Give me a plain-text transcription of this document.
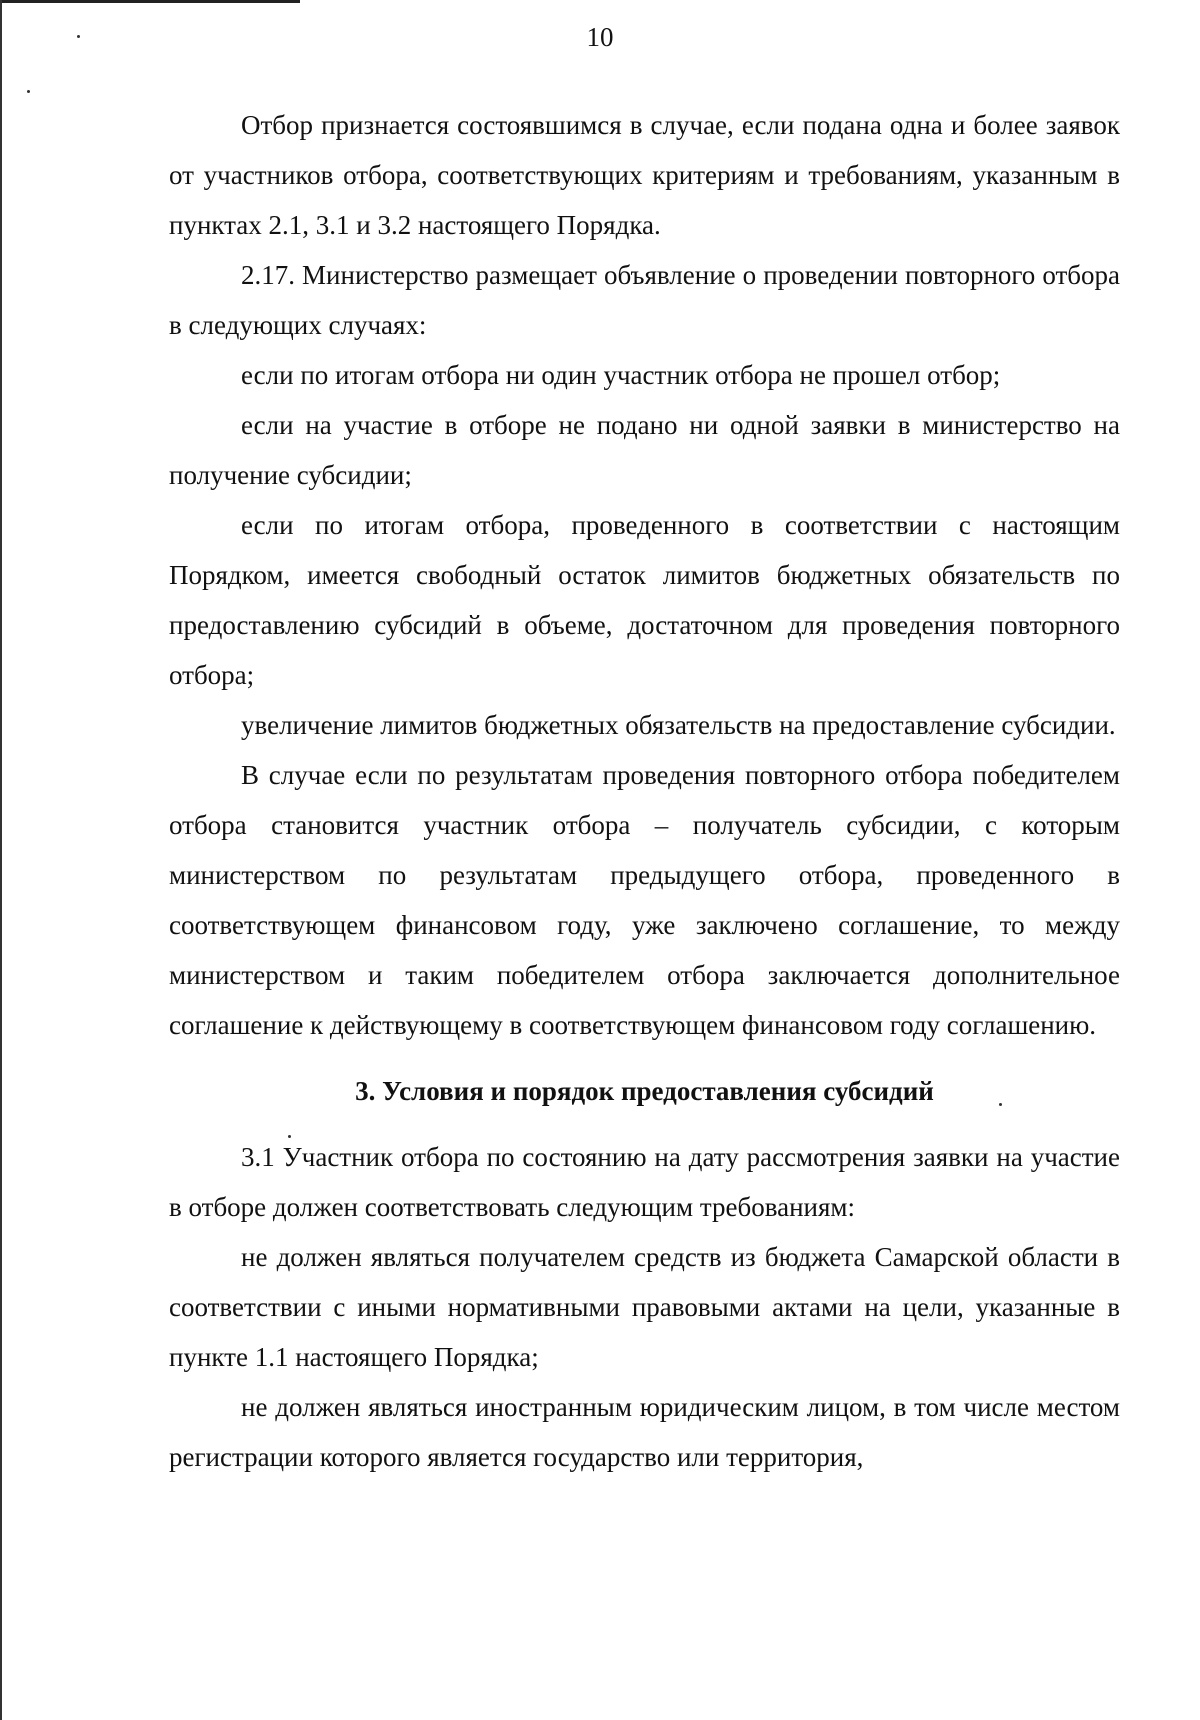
10

Отбор признается состоявшимся в случае, если подана одна и более заявок от участников отбора, соответствующих критериям и требованиям, указанным в пунктах 2.1, 3.1 и 3.2 настоящего Порядка.

2.17. Министерство размещает объявление о проведении повторного отбора в следующих случаях:

если по итогам отбора ни один участник отбора не прошел отбор;

если на участие в отборе не подано ни одной заявки в министерство на получение субсидии;

если по итогам отбора, проведенного в соответствии с настоящим Порядком, имеется свободный остаток лимитов бюджетных обязательств по предоставлению субсидий в объеме, достаточном для проведения повторного отбора;

увеличение лимитов бюджетных обязательств на предоставление субсидии.

В случае если по результатам проведения повторного отбора победителем отбора становится участник отбора – получатель субсидии, с которым министерством по результатам предыдущего отбора, проведенного в соответствующем финансовом году, уже заключено соглашение, то между министерством и таким победителем отбора заключается дополнительное соглашение к действующему в соответствующем финансовом году соглашению.

3. Условия и порядок предоставления субсидий

3.1 Участник отбора по состоянию на дату рассмотрения заявки на участие в отборе должен соответствовать следующим требованиям:

не должен являться получателем средств из бюджета Самарской области в соответствии с иными нормативными правовыми актами на цели, указанные в пункте 1.1 настоящего Порядка;

не должен являться иностранным юридическим лицом, в том числе местом регистрации которого является государство или территория,
